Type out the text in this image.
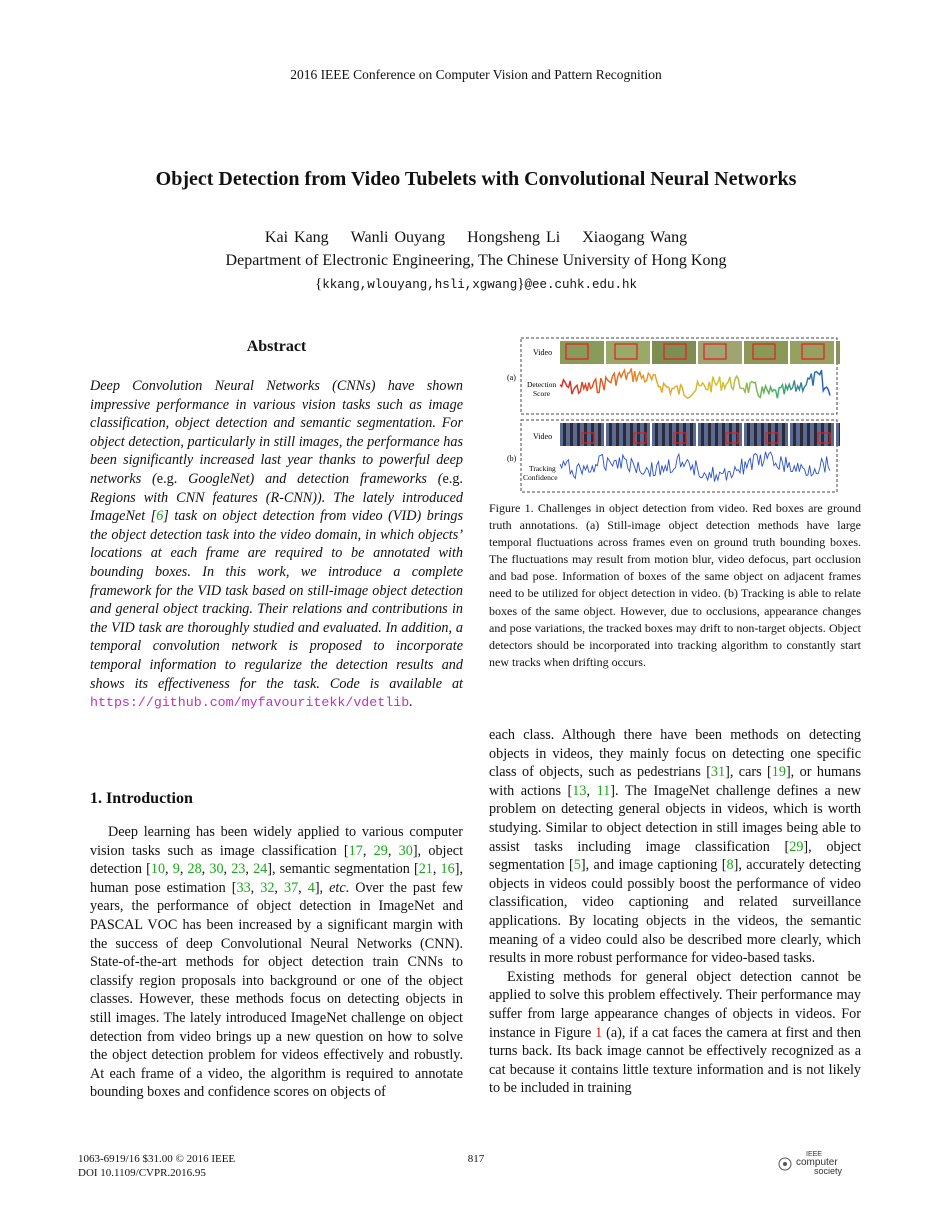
2016 IEEE Conference on Computer Vision and Pattern Recognition
Object Detection from Video Tubelets with Convolutional Neural Networks
Kai Kang Wanli Ouyang Hongsheng Li Xiaogang Wang
Department of Electronic Engineering, The Chinese University of Hong Kong
{kkang,wlouyang,hsli,xgwang}@ee.cuhk.edu.hk
Abstract
Deep Convolution Neural Networks (CNNs) have shown impressive performance in various vision tasks such as image classification, object detection and semantic segmentation. For object detection, particularly in still images, the performance has been significantly increased last year thanks to powerful deep networks (e.g. GoogleNet) and detection frameworks (e.g. Regions with CNN features (R-CNN)). The lately introduced ImageNet [6] task on object detection from video (VID) brings the object detection task into the video domain, in which objects’ locations at each frame are required to be annotated with bounding boxes. In this work, we introduce a complete framework for the VID task based on still-image object detection and general object tracking. Their relations and contributions in the VID task are thoroughly studied and evaluated. In addition, a temporal convolution network is proposed to incorporate temporal information to regularize the detection results and shows its effectiveness for the task. Code is available at https://github.com/myfavouritekk/vdetlib.
1. Introduction

Deep learning has been widely applied to various computer vision tasks such as image classification [17, 29, 30], object detection [10, 9, 28, 30, 23, 24], semantic segmentation [21, 16], human pose estimation [33, 32, 37, 4], etc. Over the past few years, the performance of object detection in ImageNet and PASCAL VOC has been increased by a significant margin with the success of deep Convolutional Neural Networks (CNN). State-of-the-art methods for object detection train CNNs to classify region proposals into background or one of the object classes. However, these methods focus on detecting objects in still images. The lately introduced ImageNet challenge on object detection from video brings up a new question on how to solve the object detection problem for videos effectively and robustly. At each frame of a video, the algorithm is required to annotate bounding boxes and confidence scores on objects of

(a)
(b)
Video
Detection
Score
Video
Tracking
Confidence
Figure 1. Challenges in object detection from video. Red boxes are ground truth annotations. (a) Still-image object detection methods have large temporal fluctuations across frames even on ground truth bounding boxes. The fluctuations may result from motion blur, video defocus, part occlusion and bad pose. Information of boxes of the same object on adjacent frames need to be utilized for object detection in video. (b) Tracking is able to relate boxes of the same object. However, due to occlusions, appearance changes and pose variations, the tracked boxes may drift to non-target objects. Object detectors should be incorporated into tracking algorithm to constantly start new tracks when drifting occurs.

each class. Although there have been methods on detecting objects in videos, they mainly focus on detecting one specific class of objects, such as pedestrians [31], cars [19], or humans with actions [13, 11]. The ImageNet challenge defines a new problem on detecting general objects in videos, which is worth studying. Similar to object detection in still images being able to assist tasks including image classification [29], object segmentation [5], and image captioning [8], accurately detecting objects in videos could possibly boost the performance of video classification, video captioning and related surveillance applications. By locating objects in the videos, the semantic meaning of a video could also be described more clearly, which results in more robust performance for video-based tasks.

Existing methods for general object detection cannot be applied to solve this problem effectively. Their performance may suffer from large appearance changes of objects in videos. For instance in Figure 1 (a), if a cat faces the camera at first and then turns back. Its back image cannot be effectively recognized as a cat because it contains little texture information and is not likely to be included in training

1063-6919/16 $31.00 © 2016 IEEE
DOI 10.1109/CVPR.2016.95
817	IEEE
computer
society
